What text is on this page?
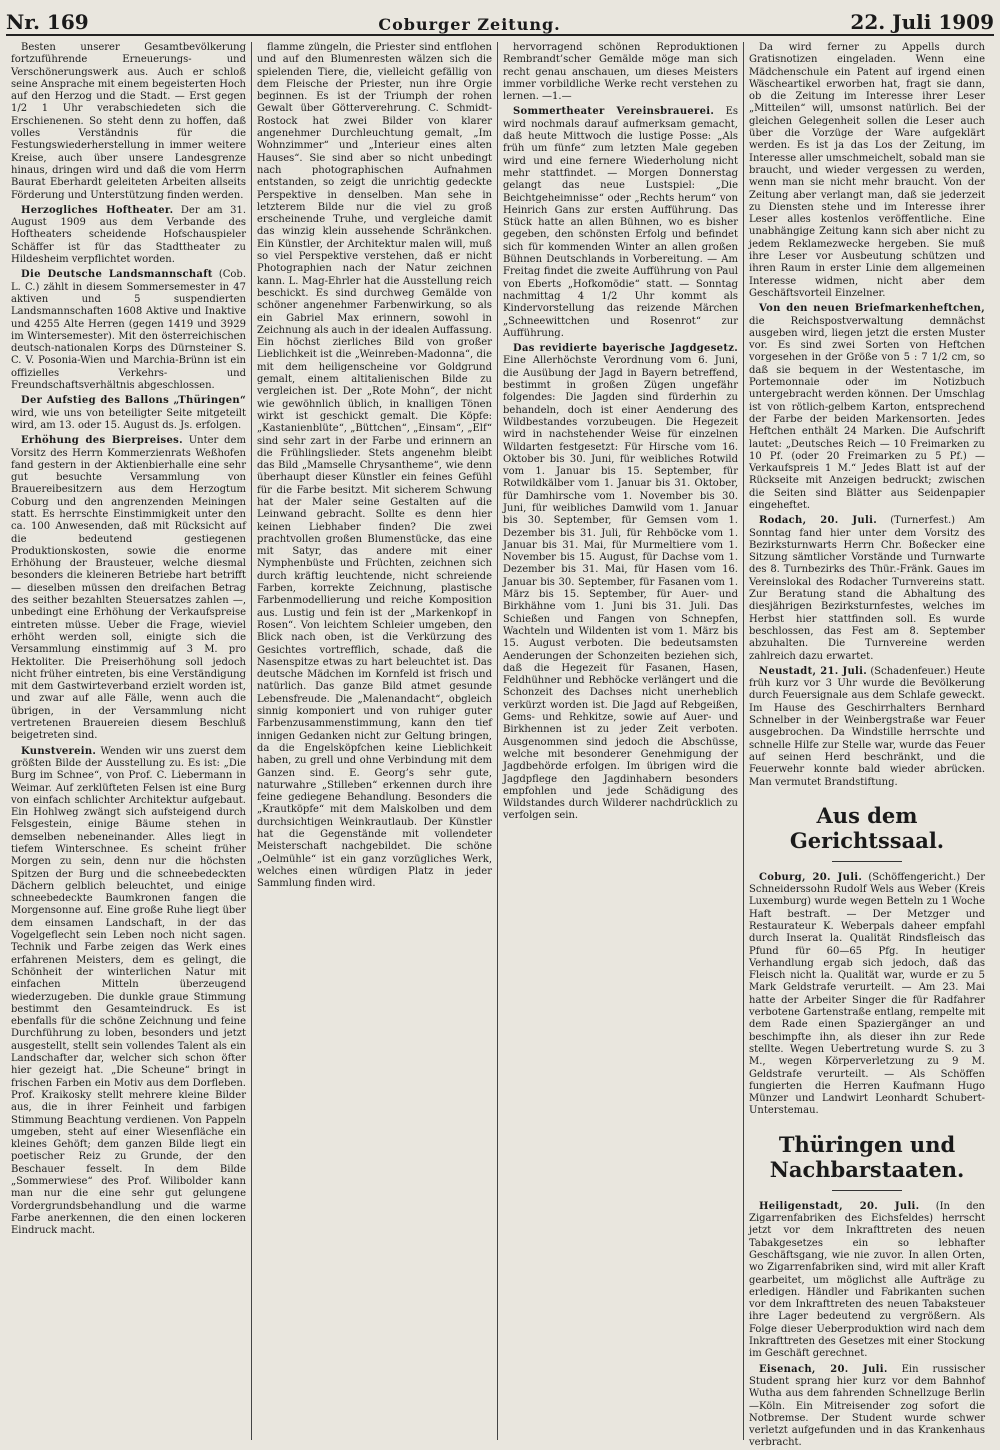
Nr. 169	Coburger Zeitung.	22. Juli 1909

Besten unserer Gesamtbevölkerung fortzuführende Erneuerungs- und Verschönerungswerk aus. Auch er schloß seine Ansprache mit einem begeisterten Hoch auf den Herzog und die Stadt. — Erst gegen 1/2 1 Uhr verabschiedeten sich die Erschienenen. So steht denn zu hoffen, daß volles Verständnis für die Festungswiederherstellung in immer weitere Kreise, auch über unsere Landesgrenze hinaus, dringen wird und daß die vom Herrn Baurat Eberhardt geleiteten Arbeiten allseits Förderung und Unterstützung finden werden.

Herzogliches Hoftheater. Der am 31. August 1909 aus dem Verbande des Hoftheaters scheidende Hofschauspieler Schäffer ist für das Stadttheater zu Hildesheim verpflichtet worden.

Die Deutsche Landsmannschaft (Cob. L. C.) zählt in diesem Sommersemester in 47 aktiven und 5 suspendierten Landsmannschaften 1608 Aktive und Inaktive und 4255 Alte Herren (gegen 1419 und 3929 im Wintersemester). Mit den österreichischen deutsch-nationalen Korps des Dürnsteiner S. C. V. Posonia-Wien und Marchia-Brünn ist ein offizielles Verkehrs- und Freundschaftsverhältnis abgeschlossen.

Der Aufstieg des Ballons „Thüringen“ wird, wie uns von beteiligter Seite mitgeteilt wird, am 13. oder 15. August ds. Js. erfolgen.

Erhöhung des Bierpreises. Unter dem Vorsitz des Herrn Kommerzienrats Weßhofen fand gestern in der Aktienbierhalle eine sehr gut besuchte Versammlung von Brauereibesitzern aus dem Herzogtum Coburg und den angrenzenden Meiningen statt. Es herrschte Einstimmigkeit unter den ca. 100 Anwesenden, daß mit Rücksicht auf die bedeutend gestiegenen Produktionskosten, sowie die enorme Erhöhung der Brausteuer, welche diesmal besonders die kleineren Betriebe hart betrifft — dieselben müssen den dreifachen Betrag des seither bezahlten Steuersatzes zahlen —, unbedingt eine Erhöhung der Verkaufspreise eintreten müsse. Ueber die Frage, wieviel erhöht werden soll, einigte sich die Versammlung einstimmig auf 3 M. pro Hektoliter. Die Preiserhöhung soll jedoch nicht früher eintreten, bis eine Verständigung mit dem Gastwirteverband erzielt worden ist, und zwar auf alle Fälle, wenn auch die übrigen, in der Versammlung nicht vertretenen Brauereien diesem Beschluß beigetreten sind.

Kunstverein. Wenden wir uns zuerst dem größten Bilde der Ausstellung zu. Es ist: „Die Burg im Schnee“, von Prof. C. Liebermann in Weimar. Auf zerklüfteten Felsen ist eine Burg von einfach schlichter Architektur aufgebaut. Ein Hohlweg zwängt sich aufsteigend durch Felsgestein, einige Bäume stehen in demselben nebeneinander. Alles liegt in tiefem Winterschnee. Es scheint früher Morgen zu sein, denn nur die höchsten Spitzen der Burg und die schneebedeckten Dächern gelblich beleuchtet, und einige schneebedeckte Baumkronen fangen die Morgensonne auf. Eine große Ruhe liegt über dem einsamen Landschaft, in der das Vogelgeflecht sein Leben noch nicht sagen. Technik und Farbe zeigen das Werk eines erfahrenen Meisters, dem es gelingt, die Schönheit der winterlichen Natur mit einfachen Mitteln überzeugend wiederzugeben. Die dunkle graue Stimmung bestimmt den Gesamteindruck. Es ist ebenfalls für die schöne Zeichnung und feine Durchführung zu loben, besonders und jetzt ausgestellt, stellt sein vollendes Talent als ein Landschafter dar, welcher sich schon öfter hier gezeigt hat. „Die Scheune“ bringt in frischen Farben ein Motiv aus dem Dorfleben. Prof. Kraikosky stellt mehrere kleine Bilder aus, die in ihrer Feinheit und farbigen Stimmung Beachtung verdienen. Von Pappeln umgeben, steht auf einer Wiesenfläche ein kleines Gehöft; dem ganzen Bilde liegt ein poetischer Reiz zu Grunde, der den Beschauer fesselt. In dem Bilde „Sommerwiese“ des Prof. Wilibolder kann man nur die eine sehr gut gelungene Vordergrundsbehandlung und die warme Farbe anerkennen, die den einen lockeren Eindruck macht.

flamme züngeln, die Priester sind entflohen und auf den Blumenresten wälzen sich die spielenden Tiere, die, vielleicht gefällig von dem Fleische der Priester, nun ihre Orgie beginnen. Es ist der Triumph der rohen Gewalt über Götterverehrung. C. Schmidt-Rostock hat zwei Bilder von klarer angenehmer Durchleuchtung gemalt, „Im Wohnzimmer“ und „Interieur eines alten Hauses“. Sie sind aber so nicht unbedingt nach photographischen Aufnahmen entstanden, so zeigt die unrichtig gedeckte Perspektive in denselben. Man sehe in letzterem Bilde nur die viel zu groß erscheinende Truhe, und vergleiche damit das winzig klein aussehende Schränkchen. Ein Künstler, der Architektur malen will, muß so viel Perspektive verstehen, daß er nicht Photographien nach der Natur zeichnen kann. L. Mag-Ehrler hat die Ausstellung reich beschickt. Es sind durchweg Gemälde von schöner angenehmer Farbenwirkung, so als ein Gabriel Max erinnern, sowohl in Zeichnung als auch in der idealen Auffassung. Ein höchst zierliches Bild von großer Lieblichkeit ist die „Weinreben-Madonna“, die mit dem heiligenscheine vor Goldgrund gemalt, einem altitalienischen Bilde zu vergleichen ist. Der „Rote Mohn“, der nicht wie gewöhnlich üblich, in knalligen Tönen wirkt ist geschickt gemalt. Die Köpfe: „Kastanienblüte“, „Büttchen“, „Einsam“, „Elf“ sind sehr zart in der Farbe und erinnern an die Frühlingslieder. Stets angenehm bleibt das Bild „Mamselle Chrysantheme“, wie denn überhaupt dieser Künstler ein feines Gefühl für die Farbe besitzt. Mit sicherem Schwung hat der Maler seine Gestalten auf die Leinwand gebracht. Sollte es denn hier keinen Liebhaber finden? Die zwei prachtvollen großen Blumenstücke, das eine mit Satyr, das andere mit einer Nymphenbüste und Früchten, zeichnen sich durch kräftig leuchtende, nicht schreiende Farben, korrekte Zeichnung, plastische Farbenmodellierung und reiche Komposition aus. Lustig und fein ist der „Markenkopf in Rosen“. Von leichtem Schleier umgeben, den Blick nach oben, ist die Verkürzung des Gesichtes vortrefflich, schade, daß die Nasenspitze etwas zu hart beleuchtet ist. Das deutsche Mädchen im Kornfeld ist frisch und natürlich. Das ganze Bild atmet gesunde Lebensfreude. Die „Malenandacht“, obgleich sinnig komponiert und von ruhiger guter Farbenzusammenstimmung, kann den tief innigen Gedanken nicht zur Geltung bringen, da die Engelsköpfchen keine Lieblichkeit haben, zu grell und ohne Verbindung mit dem Ganzen sind. E. Georg’s sehr gute, naturwahre „Stilleben“ erkennen durch ihre feine gediegene Behandlung. Besonders die „Krautköpfe“ mit dem Malskolben und dem durchsichtigen Weinkrautlaub. Der Künstler hat die Gegenstände mit vollendeter Meisterschaft nachgebildet. Die schöne „Oelmühle“ ist ein ganz vorzügliches Werk, welches einen würdigen Platz in jeder Sammlung finden wird.

hervorragend schönen Reproduktionen Rembrandt’scher Gemälde möge man sich recht genau anschauen, um dieses Meisters immer vorbildliche Werke recht verstehen zu lernen. —1.—

Sommertheater Vereinsbrauerei. Es wird nochmals darauf aufmerksam gemacht, daß heute Mittwoch die lustige Posse: „Als früh um fünfe“ zum letzten Male gegeben wird und eine fernere Wiederholung nicht mehr stattfindet. — Morgen Donnerstag gelangt das neue Lustspiel: „Die Beichtgeheimnisse“ oder „Rechts herum“ von Heinrich Gans zur ersten Aufführung. Das Stück hatte an allen Bühnen, wo es bisher gegeben, den schönsten Erfolg und befindet sich für kommenden Winter an allen großen Bühnen Deutschlands in Vorbereitung. — Am Freitag findet die zweite Aufführung von Paul von Eberts „Hofkomödie“ statt. — Sonntag nachmittag 4 1/2 Uhr kommt als Kindervorstellung das reizende Märchen „Schneewittchen und Rosenrot“ zur Aufführung.

Das revidierte bayerische Jagdgesetz. Eine Allerhöchste Verordnung vom 6. Juni, die Ausübung der Jagd in Bayern betreffend, bestimmt in großen Zügen ungefähr folgendes: Die Jagden sind fürderhin zu behandeln, doch ist einer Aenderung des Wildbestandes vorzubeugen. Die Hegezeit wird in nachstehender Weise für einzelnen Wildarten festgesetzt: Für Hirsche vom 16. Oktober bis 30. Juni, für weibliches Rotwild vom 1. Januar bis 15. September, für Rotwildkälber vom 1. Januar bis 31. Oktober, für Damhirsche vom 1. November bis 30. Juni, für weibliches Damwild vom 1. Januar bis 30. September, für Gemsen vom 1. Dezember bis 31. Juli, für Rehböcke vom 1. Januar bis 31. Mai, für Murmeltiere vom 1. November bis 15. August, für Dachse vom 1. Dezember bis 31. Mai, für Hasen vom 16. Januar bis 30. September, für Fasanen vom 1. März bis 15. September, für Auer- und Birkhähne vom 1. Juni bis 31. Juli. Das Schießen und Fangen von Schnepfen, Wachteln und Wildenten ist vom 1. März bis 15. August verboten. Die bedeutsamsten Aenderungen der Schonzeiten beziehen sich, daß die Hegezeit für Fasanen, Hasen, Feldhühner und Rebhöcke verlängert und die Schonzeit des Dachses nicht unerheblich verkürzt worden ist. Die Jagd auf Rebgeißen, Gems- und Rehkitze, sowie auf Auer- und Birkhennen ist zu jeder Zeit verboten. Ausgenommen sind jedoch die Abschüsse, welche mit besonderer Genehmigung der Jagdbehörde erfolgen. Im übrigen wird die Jagdpflege den Jagdinhabern besonders empfohlen und jede Schädigung des Wildstandes durch Wilderer nachdrücklich zu verfolgen sein.

Da wird ferner zu Appells durch Gratisnotizen eingeladen. Wenn eine Mädchenschule ein Patent auf irgend einen Wäscheartikel erworben hat, fragt sie dann, ob die Zeitung im Interesse ihrer Leser „Mitteilen“ will, umsonst natürlich. Bei der gleichen Gelegenheit sollen die Leser auch über die Vorzüge der Ware aufgeklärt werden. Es ist ja das Los der Zeitung, im Interesse aller umschmeichelt, sobald man sie braucht, und wieder vergessen zu werden, wenn man sie nicht mehr braucht. Von der Zeitung aber verlangt man, daß sie jederzeit zu Diensten stehe und im Interesse ihrer Leser alles kostenlos veröffentliche. Eine unabhängige Zeitung kann sich aber nicht zu jedem Reklamezwecke hergeben. Sie muß ihre Leser vor Ausbeutung schützen und ihren Raum in erster Linie dem allgemeinen Interesse widmen, nicht aber dem Geschäftsvorteil Einzelner.

Von den neuen Briefmarkenheftchen, die Reichspostverwaltung demnächst ausgeben wird, liegen jetzt die ersten Muster vor. Es sind zwei Sorten von Heftchen vorgesehen in der Größe von 5 : 7 1/2 cm, so daß sie bequem in der Westentasche, im Portemonnaie oder im Notizbuch untergebracht werden können. Der Umschlag ist von rötlich-gelbem Karton, entsprechend der Farbe der beiden Markensorten. Jedes Heftchen enthält 24 Marken. Die Aufschrift lautet: „Deutsches Reich — 10 Freimarken zu 10 Pf. (oder 20 Freimarken zu 5 Pf.) — Verkaufspreis 1 M.“ Jedes Blatt ist auf der Rückseite mit Anzeigen bedruckt; zwischen die Seiten sind Blätter aus Seidenpapier eingeheftet.

Rodach, 20. Juli. (Turnerfest.) Am Sonntag fand hier unter dem Vorsitz des Bezirksturnwarts Herrn Chr. Boßecker eine Sitzung sämtlicher Vorstände und Turnwarte des 8. Turnbezirks des Thür.-Fränk. Gaues im Vereinslokal des Rodacher Turnvereins statt. Zur Beratung stand die Abhaltung des diesjährigen Bezirksturnfestes, welches im Herbst hier stattfinden soll. Es wurde beschlossen, das Fest am 8. September abzuhalten. Die Turnvereine werden zahlreich dazu erwartet.

Neustadt, 21. Juli. (Schadenfeuer.) Heute früh kurz vor 3 Uhr wurde die Bevölkerung durch Feuersignale aus dem Schlafe geweckt. Im Hause des Geschirrhalters Bernhard Schnelber in der Weinbergstraße war Feuer ausgebrochen. Da Windstille herrschte und schnelle Hilfe zur Stelle war, wurde das Feuer auf seinen Herd beschränkt, und die Feuerwehr konnte bald wieder abrücken. Man vermutet Brandstiftung.

Aus dem Gerichtssaal.

Coburg, 20. Juli. (Schöffengericht.) Der Schneiderssohn Rudolf Wels aus Weber (Kreis Luxemburg) wurde wegen Betteln zu 1 Woche Haft bestraft. — Der Metzger und Restaurateur K. Weberpals daheer empfahl durch Inserat la. Qualität Rindsfleisch das Pfund für 60—65 Pfg. In heutiger Verhandlung ergab sich jedoch, daß das Fleisch nicht la. Qualität war, wurde er zu 5 Mark Geldstrafe verurteilt. — Am 23. Mai hatte der Arbeiter Singer die für Radfahrer verbotene Gartenstraße entlang, rempelte mit dem Rade einen Spaziergänger an und beschimpfte ihn, als dieser ihn zur Rede stellte. Wegen Uebertretung wurde S. zu 3 M., wegen Körperverletzung zu 9 M. Geldstrafe verurteilt. — Als Schöffen fungierten die Herren Kaufmann Hugo Münzer und Landwirt Leonhardt Schubert-Unterstemau.

Thüringen und Nachbarstaaten.

Heiligenstadt, 20. Juli. (In den Zigarrenfabriken des Eichsfeldes) herrscht jetzt vor dem Inkrafttreten des neuen Tabakgesetzes ein so lebhafter Geschäftsgang, wie nie zuvor. In allen Orten, wo Zigarrenfabriken sind, wird mit aller Kraft gearbeitet, um möglichst alle Aufträge zu erledigen. Händler und Fabrikanten suchen vor dem Inkrafttreten des neuen Tabaksteuer ihre Lager bedeutend zu vergrößern. Als Folge dieser Ueberproduktion wird nach dem Inkrafttreten des Gesetzes mit einer Stockung im Geschäft gerechnet.

Eisenach, 20. Juli. Ein russischer Student sprang hier kurz vor dem Bahnhof Wutha aus dem fahrenden Schnellzuge Berlin—Köln. Ein Mitreisender zog sofort die Notbremse. Der Student wurde schwer verletzt aufgefunden und in das Krankenhaus verbracht.
